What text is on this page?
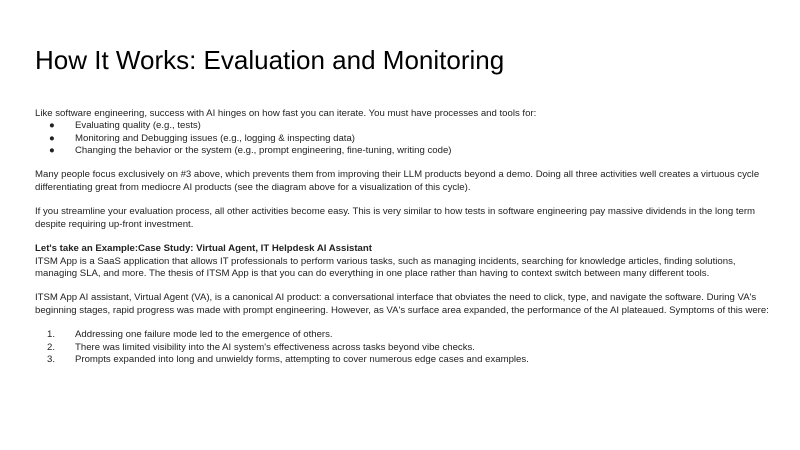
How It Works: Evaluation and Monitoring

Like software engineering, success with AI hinges on how fast you can iterate. You must have processes and tools for:

● Evaluating quality (e.g., tests)
● Monitoring and Debugging issues (e.g., logging & inspecting data)
● Changing the behavior or the system (e.g., prompt engineering, fine-tuning, writing code)

Many people focus exclusively on #3 above, which prevents them from improving their LLM products beyond a demo. Doing all three activities well creates a virtuous cycle differentiating great from mediocre AI products (see the diagram above for a visualization of this cycle).

If you streamline your evaluation process, all other activities become easy. This is very similar to how tests in software engineering pay massive dividends in the long term despite requiring up-front investment.

Let's take an Example:Case Study: Virtual Agent, IT Helpdesk AI Assistant

ITSM App is a SaaS application that allows IT professionals to perform various tasks, such as managing incidents, searching for knowledge articles, finding solutions, managing SLA, and more. The thesis of ITSM App is that you can do everything in one place rather than having to context switch between many different tools.

ITSM App AI assistant, Virtual Agent (VA), is a canonical AI product: a conversational interface that obviates the need to click, type, and navigate the software. During VA's beginning stages, rapid progress was made with prompt engineering. However, as VA's surface area expanded, the performance of the AI plateaued. Symptoms of this were:

1. Addressing one failure mode led to the emergence of others.
2. There was limited visibility into the AI system's effectiveness across tasks beyond vibe checks.
3. Prompts expanded into long and unwieldy forms, attempting to cover numerous edge cases and examples.
